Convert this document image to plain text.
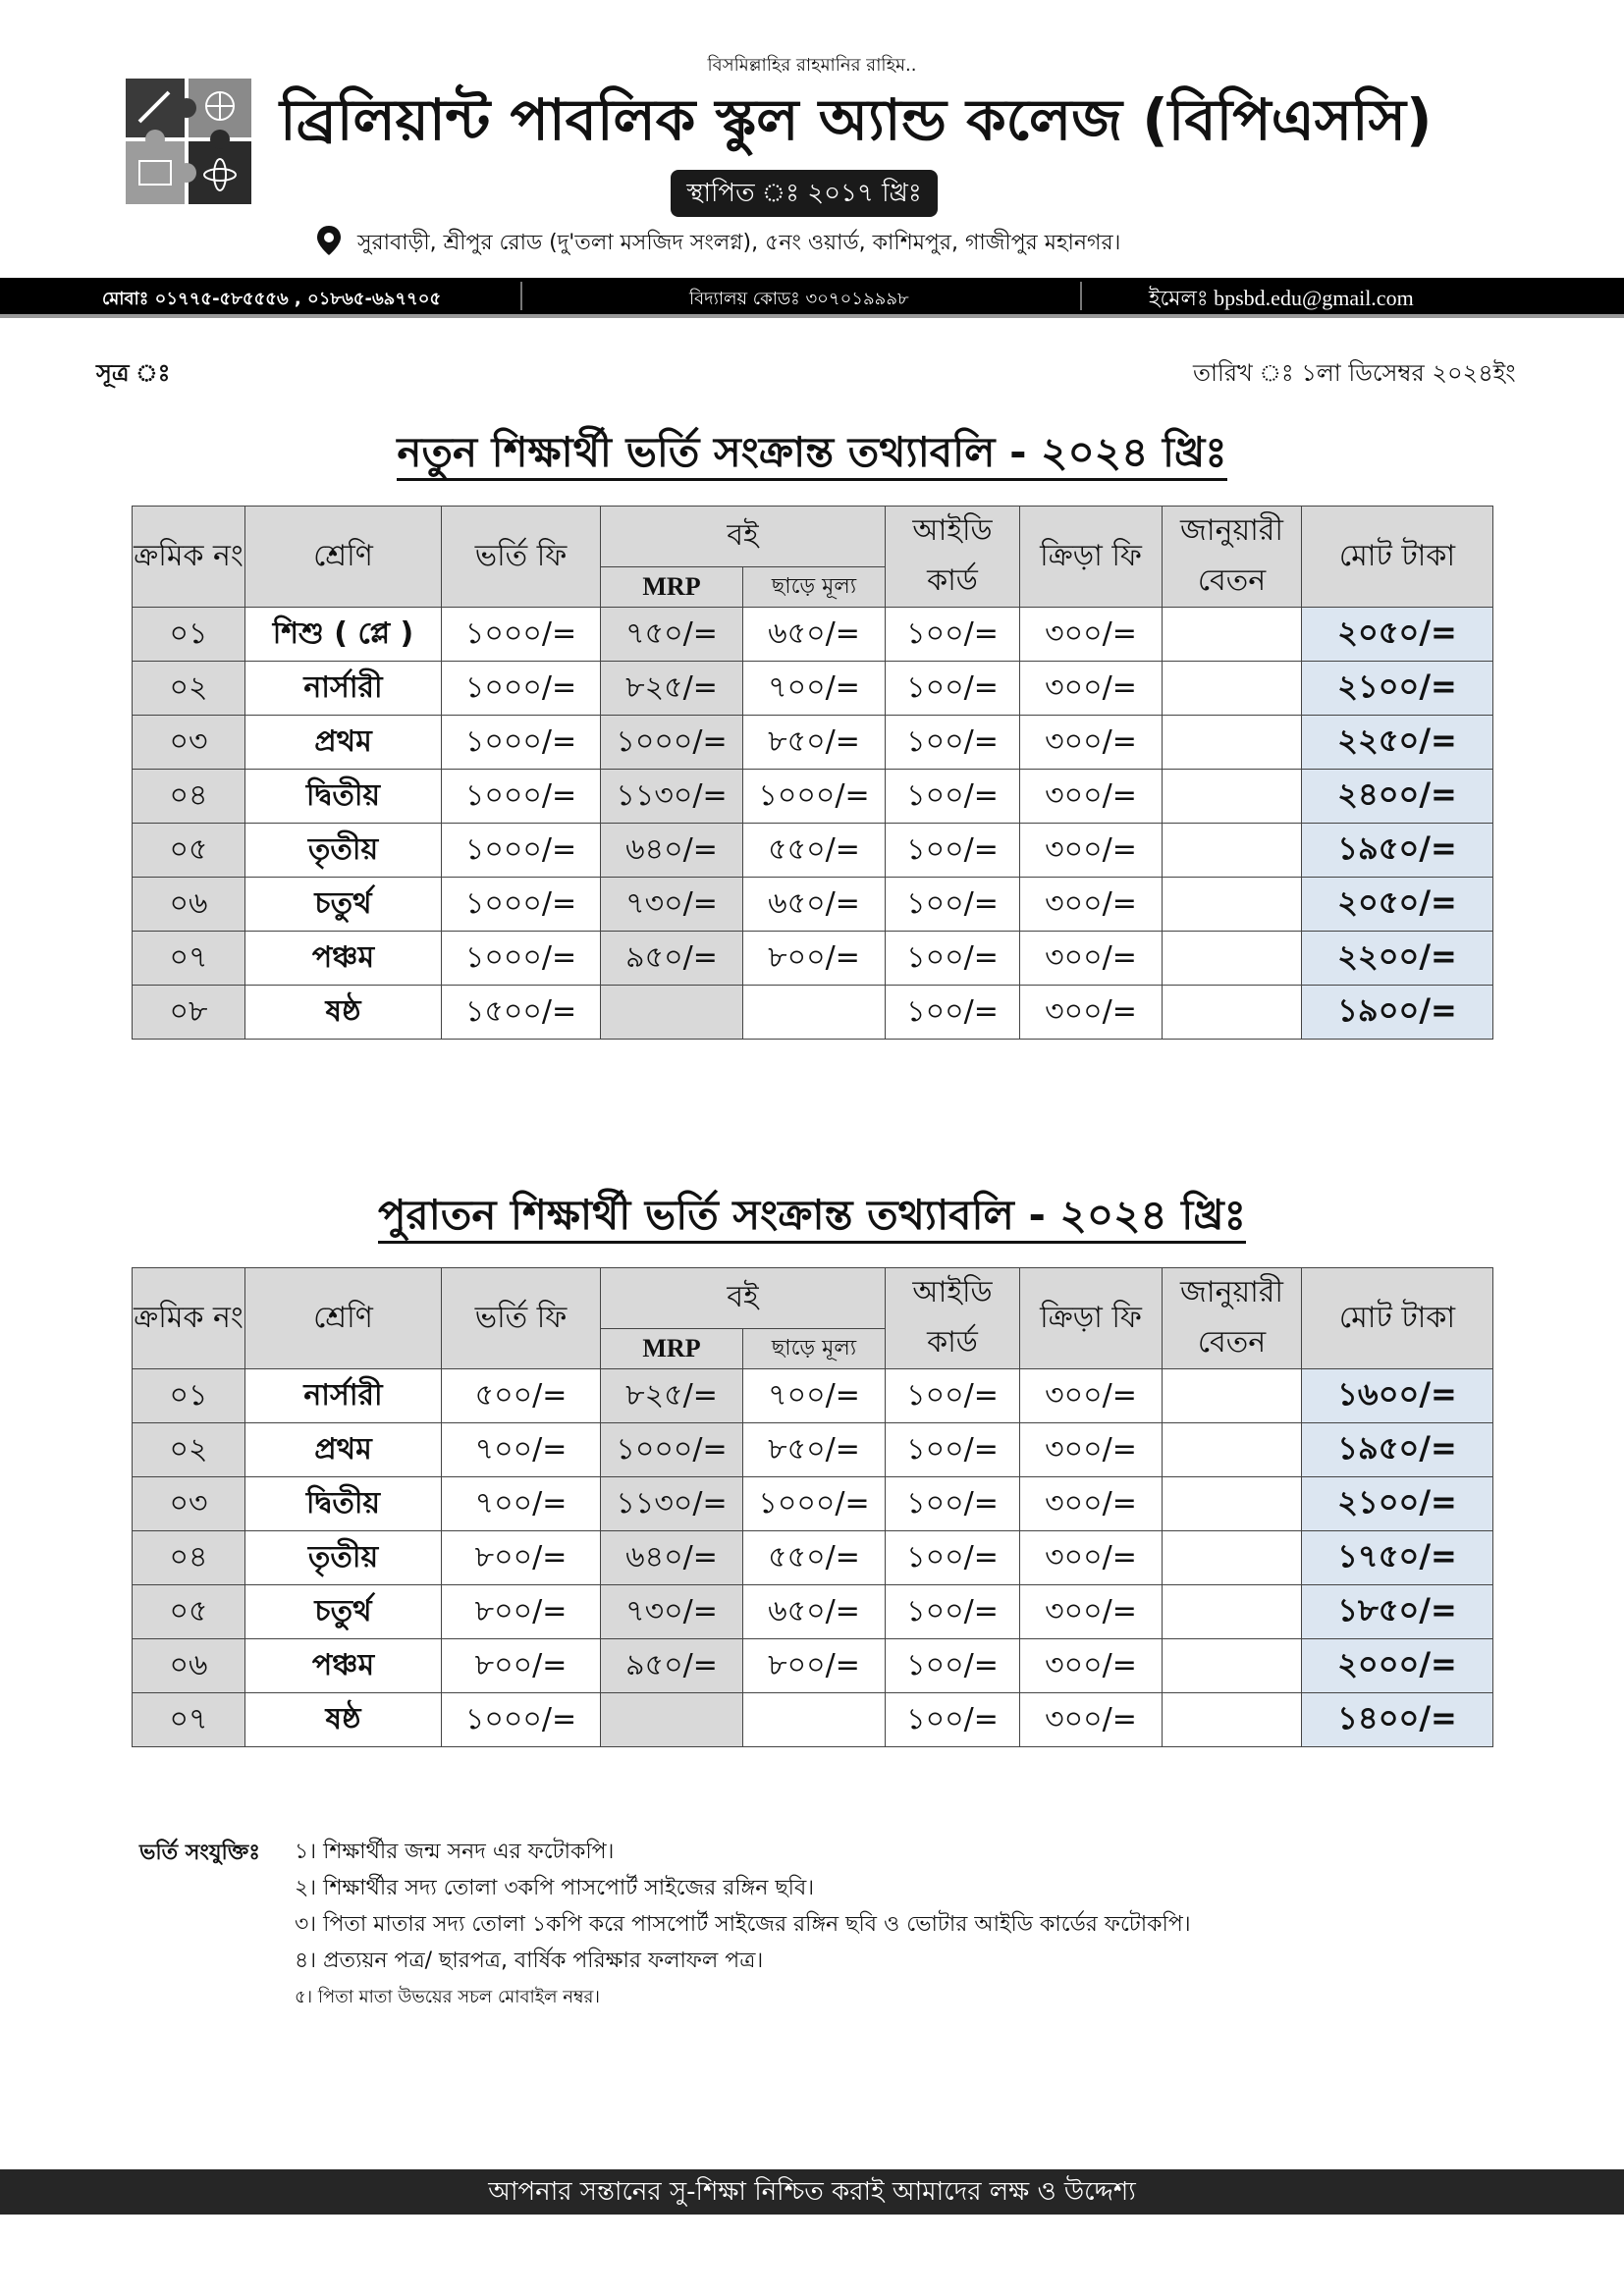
বিসমিল্লাহির রাহমানির রাহিম..
ব্রিলিয়ান্ট পাবলিক স্কুল অ্যান্ড কলেজ (বিপিএসসি)
স্থাপিত ঃ ২০১৭ খ্রিঃ
সুরাবাড়ী, শ্রীপুর রোড (দু'তলা মসজিদ সংলগ্ন), ৫নং ওয়ার্ড, কাশিমপুর, গাজীপুর মহানগর।
মোবাঃ ০১৭৭৫-৫৮৫৫৫৬ , ০১৮৬৫-৬৯৭৭০৫	বিদ্যালয় কোডঃ ৩০৭০১৯৯৯৮	ইমেলঃ bpsbd.edu@gmail.com
সূত্র ঃ	তারিখ ঃ ১লা ডিসেম্বর ২০২৪ইং
নতুন শিক্ষার্থী ভর্তি সংক্রান্ত তথ্যাবলি - ২০২৪ খ্রিঃ
ক্রমিক নং	শ্রেণি	ভর্তি ফি	বই		আইডি কার্ড	ক্রিড়া ফি	জানুয়ারী বেতন	মোট টাকা
			MRP	ছাড়ে মূল্য				
০১	শিশু ( প্লে )	১০০০/=	৭৫০/=	৬৫০/=	১০০/=	৩০০/=		২০৫০/=
০২	নার্সারী	১০০০/=	৮২৫/=	৭০০/=	১০০/=	৩০০/=		২১০০/=
০৩	প্রথম	১০০০/=	১০০০/=	৮৫০/=	১০০/=	৩০০/=		২২৫০/=
০৪	দ্বিতীয়	১০০০/=	১১৩০/=	১০০০/=	১০০/=	৩০০/=		২৪০০/=
০৫	তৃতীয়	১০০০/=	৬৪০/=	৫৫০/=	১০০/=	৩০০/=		১৯৫০/=
০৬	চতুর্থ	১০০০/=	৭৩০/=	৬৫০/=	১০০/=	৩০০/=		২০৫০/=
০৭	পঞ্চম	১০০০/=	৯৫০/=	৮০০/=	১০০/=	৩০০/=		২২০০/=
০৮	ষষ্ঠ	১৫০০/=			১০০/=	৩০০/=		১৯০০/=
পুরাতন শিক্ষার্থী ভর্তি সংক্রান্ত তথ্যাবলি - ২০২৪ খ্রিঃ
ক্রমিক নং	শ্রেণি	ভর্তি ফি	বই		আইডি কার্ড	ক্রিড়া ফি	জানুয়ারী বেতন	মোট টাকা
			MRP	ছাড়ে মূল্য				
০১	নার্সারী	৫০০/=	৮২৫/=	৭০০/=	১০০/=	৩০০/=		১৬০০/=
০২	প্রথম	৭০০/=	১০০০/=	৮৫০/=	১০০/=	৩০০/=		১৯৫০/=
০৩	দ্বিতীয়	৭০০/=	১১৩০/=	১০০০/=	১০০/=	৩০০/=		২১০০/=
০৪	তৃতীয়	৮০০/=	৬৪০/=	৫৫০/=	১০০/=	৩০০/=		১৭৫০/=
০৫	চতুর্থ	৮০০/=	৭৩০/=	৬৫০/=	১০০/=	৩০০/=		১৮৫০/=
০৬	পঞ্চম	৮০০/=	৯৫০/=	৮০০/=	১০০/=	৩০০/=		২০০০/=
০৭	ষষ্ঠ	১০০০/=			১০০/=	৩০০/=		১৪০০/=
ভর্তি সংযুক্তিঃ ১। শিক্ষার্থীর জন্ম সনদ এর ফটোকপি।
২। শিক্ষার্থীর সদ্য তোলা ৩কপি পাসপোর্ট সাইজের রঙ্গিন ছবি।
৩। পিতা মাতার সদ্য তোলা ১কপি করে পাসপোর্ট সাইজের রঙ্গিন ছবি ও ভোটার আইডি কার্ডের ফটোকপি।
৪। প্রত্যয়ন পত্র/ ছারপত্র, বার্ষিক পরিক্ষার ফলাফল পত্র।
৫। পিতা মাতা উভয়ের সচল মোবাইল নম্বর।
আপনার সন্তানের সু-শিক্ষা নিশ্চিত করাই আমাদের লক্ষ ও উদ্দেশ্য
